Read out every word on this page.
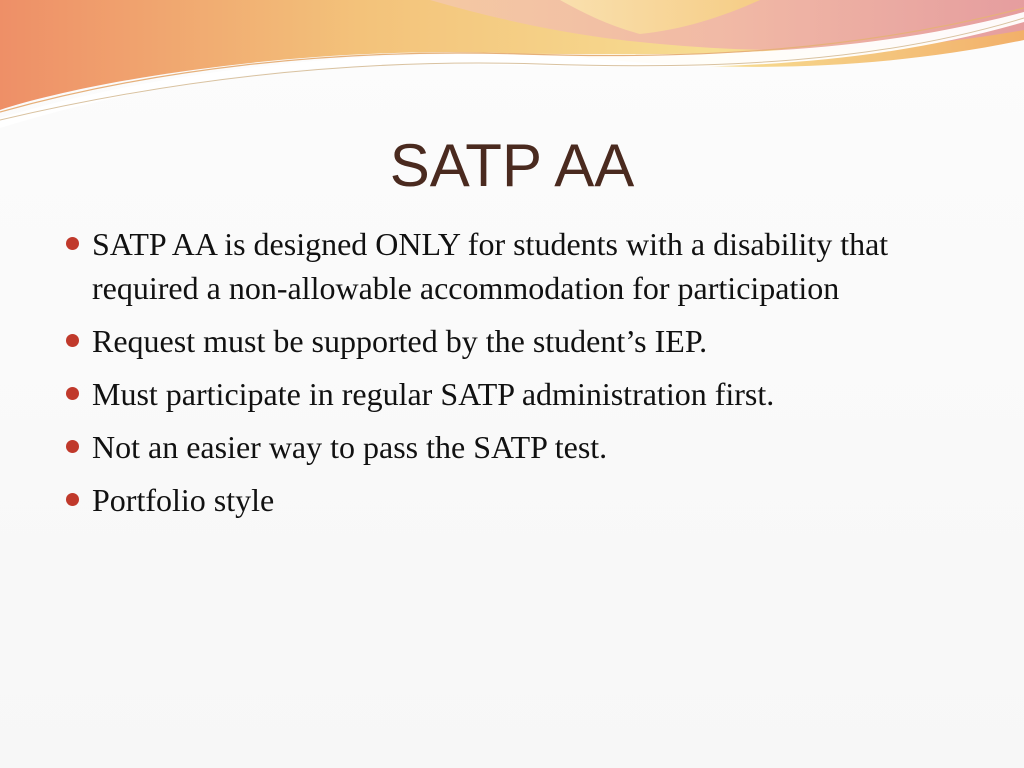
SATP AA
SATP AA is designed ONLY for students with a disability that required a non-allowable accommodation for participation
Request must be supported by the student’s IEP.
Must participate in regular SATP administration first.
Not an easier way to pass the SATP test.
Portfolio style
